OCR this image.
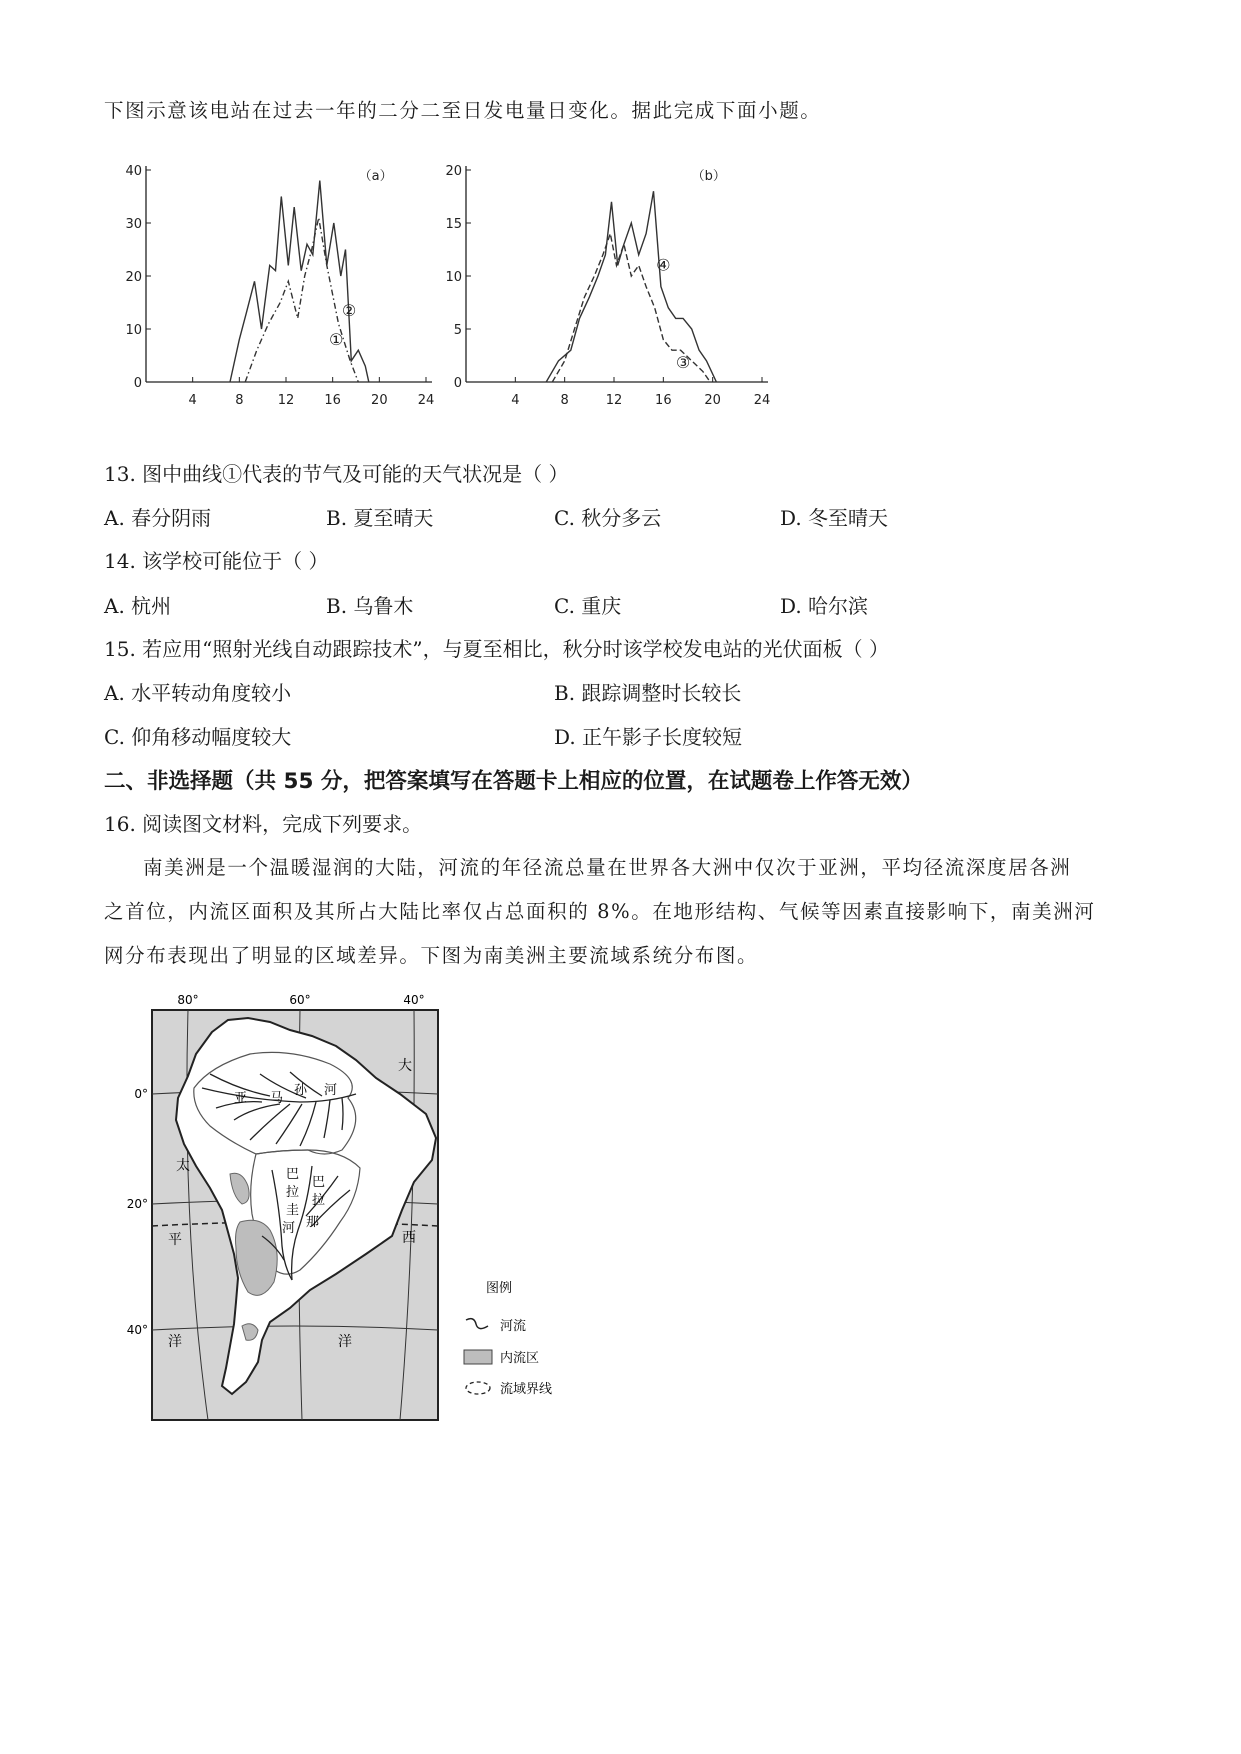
下图示意该电站在过去一年的二分二至日发电量日变化。据此完成下面小题。
0
10
20
30
40
4	8	12 16 20 24
（a）
①
②
0
5
10
15
20
4	8	12	16	20	24
（b）
④
③
13. 图中曲线①代表的节气及可能的天气状况是（ ）
A. 春分阴雨	B. 夏至晴天	C. 秋分多云	D. 冬至晴天
14. 该学校可能位于（ ）
A. 杭州	B. 乌鲁木	C. 重庆	D. 哈尔滨
15. 若应用“照射光线自动跟踪技术”，与夏至相比，秋分时该学校发电站的光伏面板（ ）
A. 水平转动角度较小	B. 跟踪调整时长较长
C. 仰角移动幅度较大	D. 正午影子长度较短
二、非选择题（共 55 分，把答案填写在答题卡上相应的位置，在试题卷上作答无效）
16. 阅读图文材料，完成下列要求。
南美洲是一个温暖湿润的大陆，河流的年径流总量在世界各大洲中仅次于亚洲，平均径流深度居各洲
之首位，内流区面积及其所占大陆比率仅占总面积的 8%。在地形结构、气候等因素直接影响下，南美洲河
网分布表现出了明显的区域差异。下图为南美洲主要流域系统分布图。
80°	60°	40°
0°
20°
40°
太
平
洋
大
西
洋
亚 马
孙 河
巴
拉
圭
河
巴
拉
那
图例
河流
内流区
流域界线
